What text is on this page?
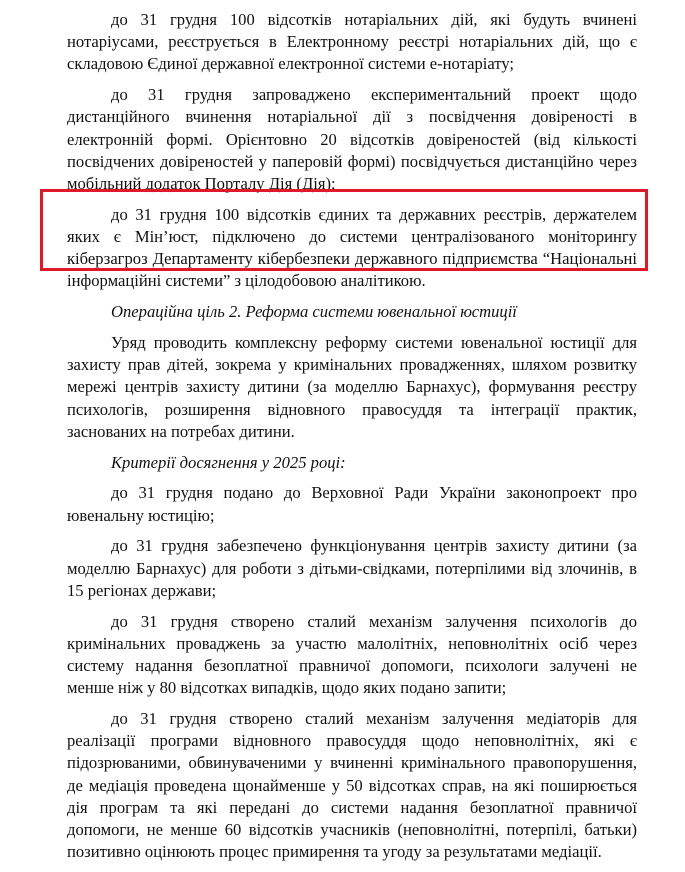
до 31 грудня 100 відсотків нотаріальних дій, які будуть вчинені нотаріусами, реєструється в Електронному реєстрі нотаріальних дій, що є складовою Єдиної державної електронної системи е-нотаріату;

до 31 грудня запроваджено експериментальний проект щодо дистанційного вчинення нотаріальної дії з посвідчення довіреності в електронній формі. Орієнтовно 20 відсотків довіреностей (від кількості посвідчених довіреностей у паперовій формі) посвідчується дистанційно через мобільний додаток Порталу Дія (Дія);

до 31 грудня 100 відсотків єдиних та державних реєстрів, держателем яких є Мін’юст, підключено до системи централізованого моніторингу кіберзагроз Департаменту кібербезпеки державного підприємства “Національні інформаційні системи” з цілодобовою аналітикою.

Операційна ціль 2. Реформа системи ювенальної юстиції

Уряд проводить комплексну реформу системи ювенальної юстиції для захисту прав дітей, зокрема у кримінальних провадженнях, шляхом розвитку мережі центрів захисту дитини (за моделлю Барнахус), формування реєстру психологів, розширення відновного правосуддя та інтеграції практик, заснованих на потребах дитини.

Критерії досягнення у 2025 році:

до 31 грудня подано до Верховної Ради України законопроект про ювенальну юстицію;

до 31 грудня забезпечено функціонування центрів захисту дитини (за моделлю Барнахус) для роботи з дітьми-свідками, потерпілими від злочинів, в 15 регіонах держави;

до 31 грудня створено сталий механізм залучення психологів до кримінальних проваджень за участю малолітніх, неповнолітніх осіб через систему надання безоплатної правничої допомоги, психологи залучені не менше ніж у 80 відсотках випадків, щодо яких подано запити;

до 31 грудня створено сталий механізм залучення медіаторів для реалізації програми відновного правосуддя щодо неповнолітніх, які є підозрюваними, обвинуваченими у вчиненні кримінального правопорушення, де медіація проведена щонайменше у 50 відсотках справ, на які поширюється дія програм та які передані до системи надання безоплатної правничої допомоги, не менше 60 відсотків учасників (неповнолітні, потерпілі, батьки) позитивно оцінюють процес примирення та угоду за результатами медіації.
